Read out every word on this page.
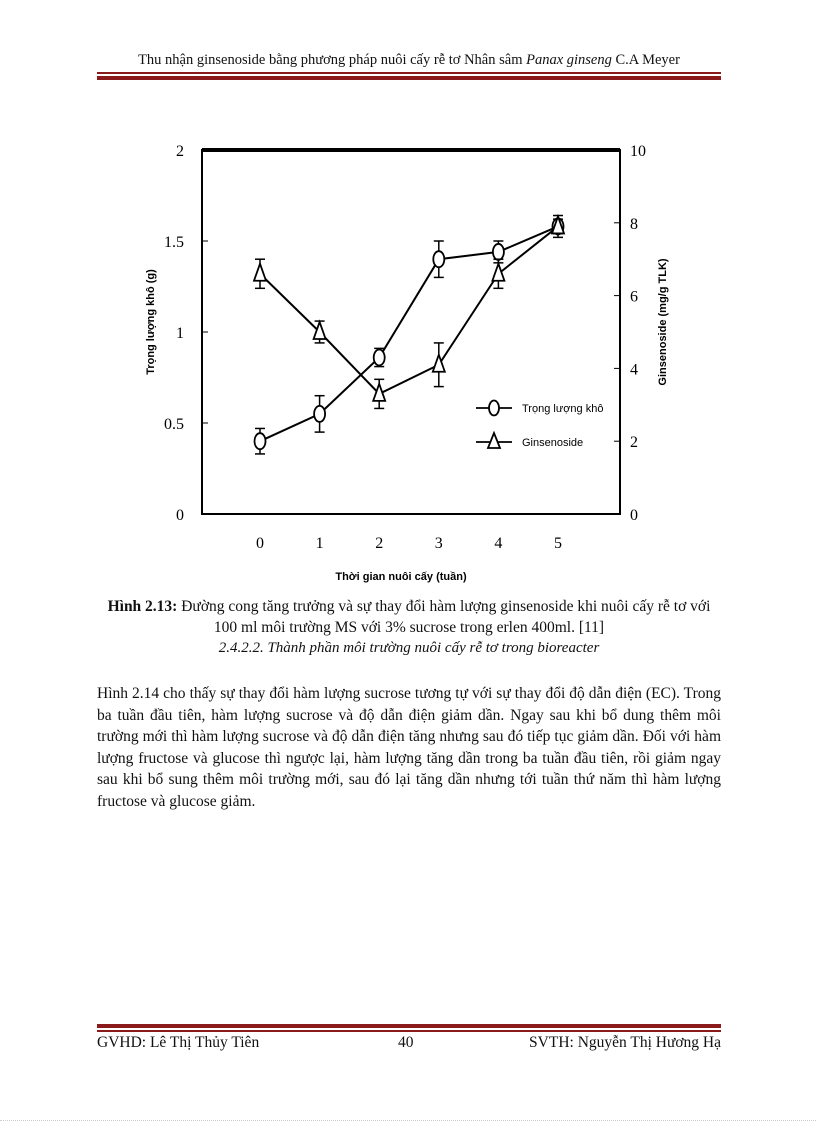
Thu nhận ginsenoside bằng phương pháp nuôi cấy rễ tơ Nhân sâm Panax ginseng C.A Meyer
0
0.5
1
1.5
2
0
2
4
6
8
10
0	1	2	3	4	5
Thời gian nuôi cấy (tuần)
Trọng lượng khô (g)	Ginsenoside (mg/g TLK)
Trọng lượng khô
Ginsenoside
Hình 2.13: Đường cong tăng trưởng và sự thay đổi hàm lượng ginsenoside khi nuôi cấy rễ tơ với 100 ml môi trường MS với 3% sucrose trong erlen 400ml. [11]
2.4.2.2. Thành phần môi trường nuôi cấy rễ tơ trong bioreacter
Hình 2.14 cho thấy sự thay đổi hàm lượng sucrose tương tự với sự thay đổi độ dẫn điện (EC). Trong ba tuần đầu tiên, hàm lượng sucrose và độ dẫn điện giảm dần. Ngay sau khi bổ dung thêm môi trường mới thì hàm lượng sucrose và độ dẫn điện tăng nhưng sau đó tiếp tục giảm dần. Đối với hàm lượng fructose và glucose thì ngược lại, hàm lượng tăng dần trong ba tuần đầu tiên, rồi giảm ngay sau khi bổ sung thêm môi trường mới, sau đó lại tăng dần nhưng tới tuần thứ năm thì hàm lượng fructose và glucose giảm.
GVHD: Lê Thị Thủy Tiên	40	SVTH: Nguyễn Thị Hương Hạ
